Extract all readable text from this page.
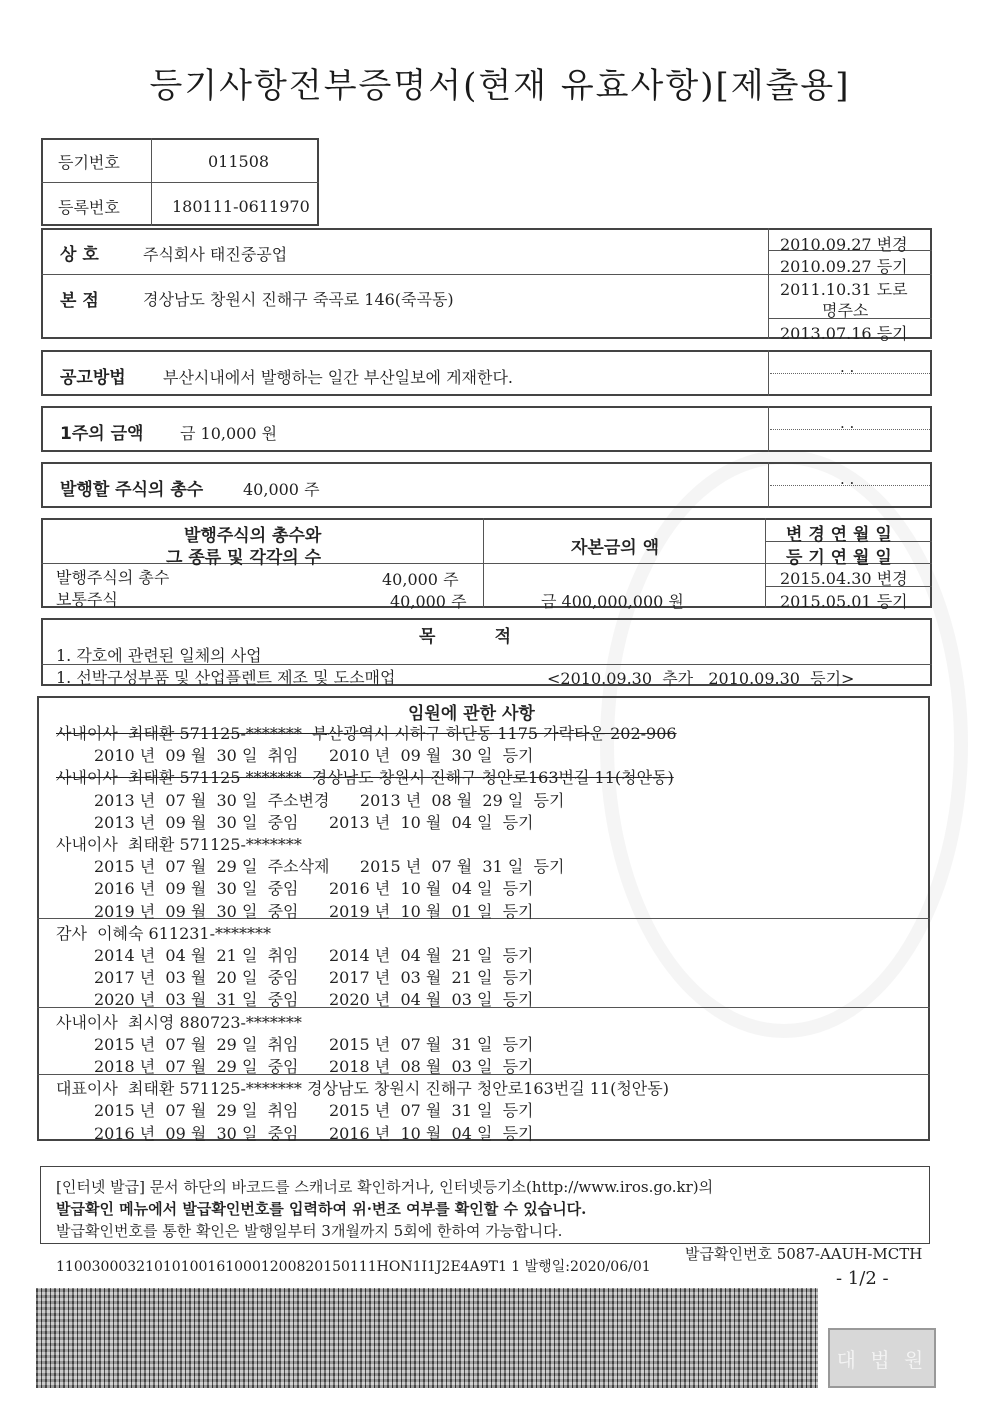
등기사항전부증명서(현재 유효사항)[제출용]
등기번호	011508
등록번호	180111-0611970
상 호	주식회사 태진중공업
2010.09.27 변경
2010.09.27 등기
본 점	경상남도 창원시 진해구 죽곡로 146(죽곡동)
2011.10.31 도로
명주소
2013.07.16 등기
공고방법 부산시내에서 발행하는 일간 부산일보에 게재한다.
. .
1주의 금액 금 10,000 원
. .
발행할 주식의 총수 40,000 주
. .
발행주식의 총수와
그 종류 및 각각의 수	자본금의 액
변 경 연 월 일
등 기 연 월 일
발행주식의 총수	40,000 주
보통주식	40,000 주	금 400,000,000 원
2015.04.30 변경
2015.05.01 등기
목          적
1. 각호에 관련된 일체의 사업
1. 선박구성부품 및 산업플렌트 제조 및 도소매업	<2010.09.30  추가   2010.09.30  등기>
임원에 관한 사항
사내이사  최태환 571125-*******  부산광역시 시하구 하단동 1175 가락타운 202-906
2010 년  09 월  30 일  취임      2010 년  09 월  30 일  등기
사내이사  최태환 571125 *******  경상남도 창원시 진해구 청안로163번길 11(청안동)
2013 년  07 월  30 일  주소변경      2013 년  08 월  29 일  등기
2013 년  09 월  30 일  중임      2013 년  10 월  04 일  등기
사내이사  최태환 571125-*******
2015 년  07 월  29 일  주소삭제      2015 년  07 월  31 일  등기
2016 년  09 월  30 일  중임      2016 년  10 월  04 일  등기
2019 년  09 월  30 일  중임      2019 년  10 월  01 일  등기
감사  이혜숙 611231-*******
2014 년  04 월  21 일  취임      2014 년  04 월  21 일  등기
2017 년  03 월  20 일  중임      2017 년  03 월  21 일  등기
2020 년  03 월  31 일  중임      2020 년  04 월  03 일  등기
사내이사  최시영 880723-*******
2015 년  07 월  29 일  취임      2015 년  07 월  31 일  등기
2018 년  07 월  29 일  중임      2018 년  08 월  03 일  등기
대표이사  최태환 571125-******* 경상남도 창원시 진해구 청안로163번길 11(청안동)
2015 년  07 월  29 일  취임      2015 년  07 월  31 일  등기
2016 년  09 월  30 일  중임      2016 년  10 월  04 일  등기
[인터넷 발급] 문서 하단의 바코드를 스캐너로 확인하거나, 인터넷등기소(http://www.iros.go.kr)의
발급확인 메뉴에서 발급확인번호를 입력하여 위·변조 여부를 확인할 수 있습니다.
발급확인번호를 통한 확인은 발행일부터 3개월까지 5회에 한하여 가능합니다.
110030003210101001610001200820150111HON1I1J2E4A9T1 1 발행일:2020/06/01
발급확인번호 5087-AAUH-MCTH
- 1/2 -
대 법 원
